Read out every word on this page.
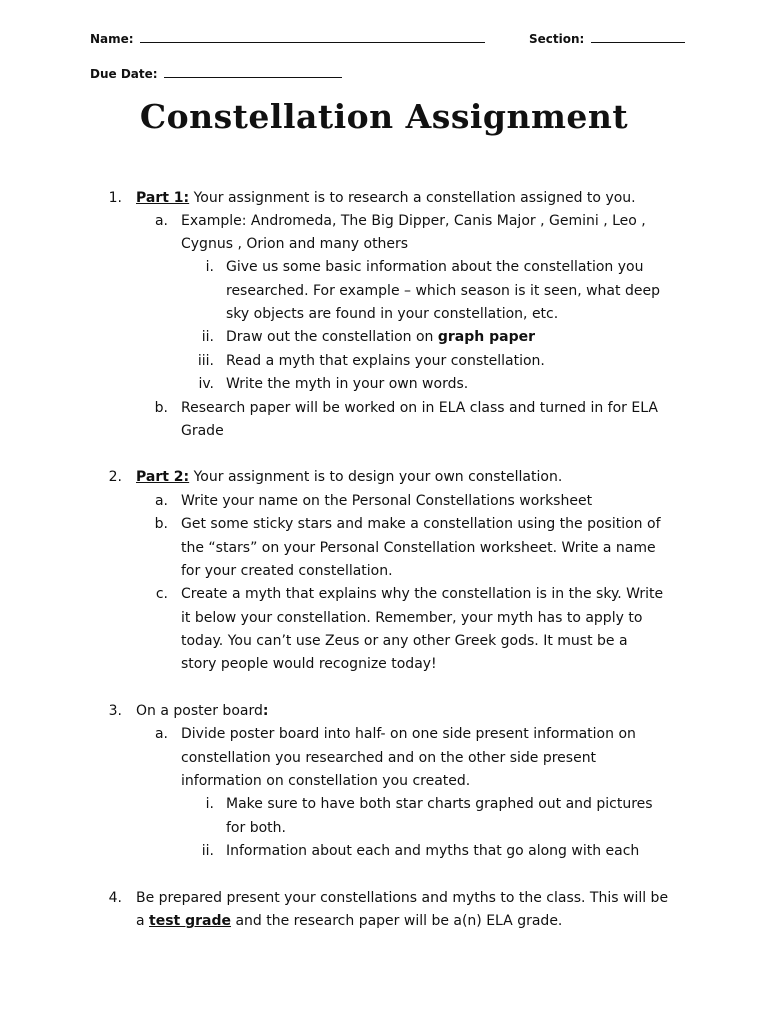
Name:	Section:
Due Date:
Constellation Assignment
1. Part 1: Your assignment is to research a constellation assigned to you.
a. Example: Andromeda, The Big Dipper, Canis Major , Gemini , Leo ,
Cygnus , Orion and many others
i. Give us some basic information about the constellation you
researched. For example – which season is it seen, what deep
sky objects are found in your constellation, etc.
ii. Draw out the constellation on graph paper
iii. Read a myth that explains your constellation.
iv. Write the myth in your own words.
b. Research paper will be worked on in ELA class and turned in for ELA
Grade
2. Part 2: Your assignment is to design your own constellation.
a. Write your name on the Personal Constellations worksheet
b. Get some sticky stars and make a constellation using the position of
the “stars” on your Personal Constellation worksheet. Write a name
for your created constellation.
c. Create a myth that explains why the constellation is in the sky. Write
it below your constellation. Remember, your myth has to apply to
today. You can’t use Zeus or any other Greek gods. It must be a
story people would recognize today!
3. On a poster board:
a. Divide poster board into half- on one side present information on
constellation you researched and on the other side present
information on constellation you created.
i. Make sure to have both star charts graphed out and pictures
for both.
ii. Information about each and myths that go along with each
4. Be prepared present your constellations and myths to the class. This will be
a test grade and the research paper will be a(n) ELA grade.
